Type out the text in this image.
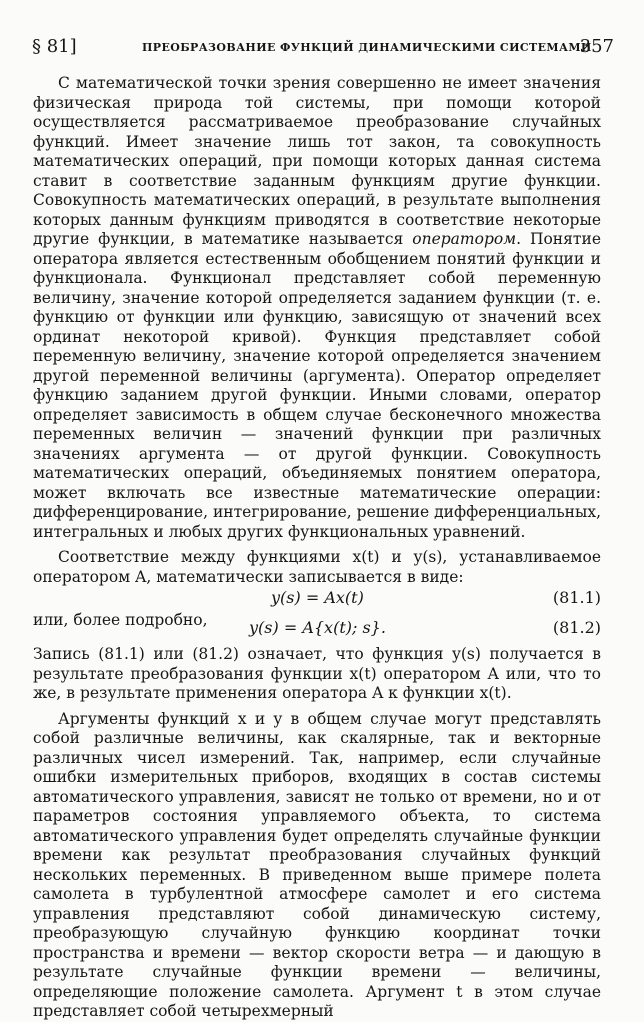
§ 81]	ПРЕОБРАЗОВАНИЕ ФУНКЦИЙ ДИНАМИЧЕСКИМИ СИСТЕМАМИ
357

С математической точки зрения совершенно не имеет значения физическая природа той системы, при помощи которой осуществляется рассматриваемое преобразование случайных функций. Имеет значение лишь тот закон, та совокупность математических операций, при помощи которых данная система ставит в соответствие заданным функциям другие функции. Совокупность математических операций, в результате выполнения которых данным функциям приводятся в соответствие некоторые другие функции, в математике называется оператором. Понятие оператора является естественным обобщением понятий функции и функционала. Функционал представляет собой переменную величину, значение которой определяется заданием функции (т. е. функцию от функции или функцию, зависящую от значений всех ординат некоторой кривой). Функция представляет собой переменную величину, значение которой определяется значением другой переменной величины (аргумента). Оператор определяет функцию заданием другой функции. Иными словами, оператор определяет зависимость в общем случае бесконечного множества переменных величин — значений функции при различных значениях аргумента — от другой функции. Совокупность математических операций, объединяемых понятием оператора, может включать все известные математические операции: дифференцирование, интегрирование, решение дифференциальных, интегральных и любых других функциональных уравнений.

Соответствие между функциями x(t) и y(s), устанавливаемое оператором A, математически записывается в виде:

y(s) = Ax(t)	(81.1)
или, более подробно,	y(s) = A{x(t); s}.	(81.2)

Запись (81.1) или (81.2) означает, что функция y(s) получается в результате преобразования функции x(t) оператором A или, что то же, в результате применения оператора A к функции x(t).

Аргументы функций x и y в общем случае могут представлять собой различные величины, как скалярные, так и векторные различных чисел измерений. Так, например, если случайные ошибки измерительных приборов, входящих в состав системы автоматического управления, зависят не только от времени, но и от параметров состояния управляемого объекта, то система автоматического управления будет определять случайные функции времени как результат преобразования случайных функций нескольких переменных. В приведенном выше примере полета самолета в турбулентной атмосфере самолет и его система управления представляют собой динамическую систему, преобразующую случайную функцию координат точки пространства и времени — вектор скорости ветра — и дающую в результате случайные функции времени — величины, определяющие положение самолета. Аргумент t в этом случае представляет собой четырехмерный
